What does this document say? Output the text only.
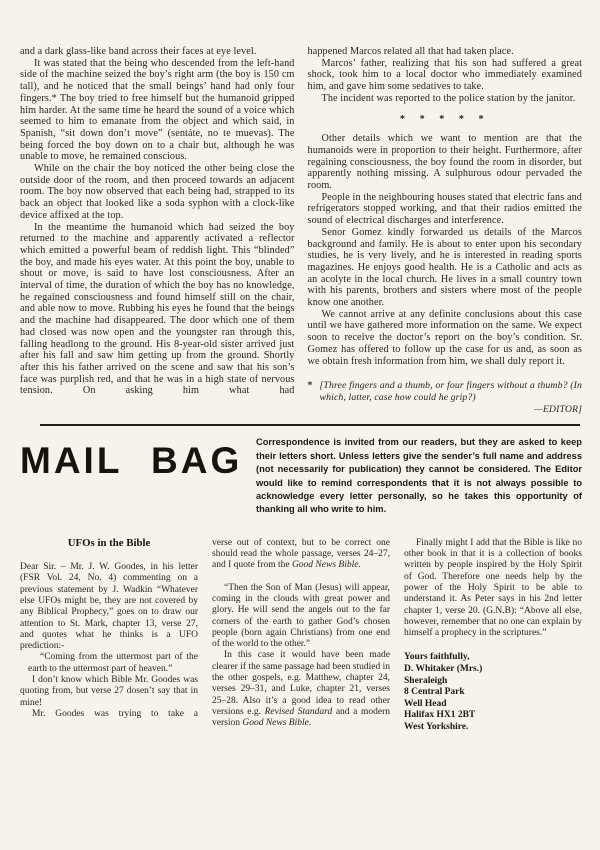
and a dark glass-like band across their faces at eye level.

It was stated that the being who descended from the left-hand side of the machine seized the boy’s right arm (the boy is 150 cm tall), and he noticed that the small beings’ hand had only four fingers.* The boy tried to free himself but the humanoid gripped him harder. At the same time he heard the sound of a voice which seemed to him to emanate from the object and which said, in Spanish, “sit down don’t move” (sentáte, no te muevas). The being forced the boy down on to a chair but, although he was unable to move, he remained conscious.

While on the chair the boy noticed the other being close the outside door of the room, and then proceed towards an adjacent room. The boy now observed that each being had, strapped to its back an object that looked like a soda syphon with a clock-like device affixed at the top.

In the meantime the humanoid which had seized the boy returned to the machine and apparently activated a reflector which emitted a powerful beam of reddish light. This “blinded” the boy, and made his eyes water. At this point the boy, unable to shout or move, is said to have lost consciousness. After an interval of time, the duration of which the boy has no knowledge, he regained consciousness and found himself still on the chair, and able now to move. Rubbing his eyes he found that the beings and the machine had disappeared. The door which one of them had closed was now open and the youngster ran through this, falling headlong to the ground. His 8-year-old sister arrived just after his fall and saw him getting up from the ground. Shortly after this his father arrived on the scene and saw that his son’s face was purplish red, and that he was in a high state of nervous tension. On asking him what had

happened Marcos related all that had taken place.

Marcos’ father, realizing that his son had suffered a great shock, took him to a local doctor who immediately examined him, and gave him some sedatives to take.

The incident was reported to the police station by the janitor.

* * * * *

Other details which we want to mention are that the humanoids were in proportion to their height. Furthermore, after regaining consciousness, the boy found the room in disorder, but apparently nothing missing. A sulphurous odour pervaded the room.

People in the neighbouring houses stated that electric fans and refrigerators stopped working, and that their radios emitted the sound of electrical discharges and interference.

Senor Gomez kindly forwarded us details of the Marcos background and family. He is about to enter upon his secondary studies, he is very lively, and he is interested in reading sports magazines. He enjoys good health. He is a Catholic and acts as an acolyte in the local church. He lives in a small country town with his parents, brothers and sisters where most of the people know one another.

We cannot arrive at any definite conclusions about this case until we have gathered more information on the same. We expect soon to receive the doctor’s report on the boy’s condition. Sr. Gomez has offered to follow up the case for us and, as soon as we obtain fresh information from him, we shall duly report it.

* [Three fingers and a thumb, or four fingers without a thumb? (In which, latter, case how could he grip?)
—EDITOR]
MAIL BAG	Correspondence is invited from our readers, but they are asked to keep their letters short. Unless letters give the sender’s full name and address (not necessarily for publication) they cannot be considered. The Editor would like to remind correspondents that it is not always possible to acknowledge every letter personally, so he takes this opportunity of thanking all who write to him.
UFOs in the Bible

Dear Sir. – Mr. J. W. Goodes, in his letter (FSR Vol. 24, No. 4) commenting on a previous statement by J. Wadkin “Whatever else UFOs might be, they are not covered by any Biblical Prophecy,” goes on to draw our attention to St. Mark, chapter 13, verse 27, and quotes what he thinks is a UFO prediction:-

“Coming from the uttermost part of the earth to the uttermost part of heaven.”

I don’t know which Bible Mr. Goodes was quoting from, but verse 27 dosen’t say that in mine!

Mr. Goodes was trying to take a

verse out of context, but to be correct one should read the whole passage, verses 24–27, and I quote from the Good News Bible.

“Then the Son of Man (Jesus) will appear, coming in the clouds with great power and glory. He will send the angels out to the far corners of the earth to gather God’s chosen people (born again Christians) from one end of the world to the other.”

In this case it would have been made clearer if the same passage had been studied in the other gospels, e.g. Matthew, chapter 24, verses 29–31, and Luke, chapter 21, verses 25–28. Also it’s a good idea to read other versions e.g. Revised Standard and a modern version Good News Bible.

Finally might I add that the Bible is like no other book in that it is a collection of books written by people inspired by the Holy Spirit of God. Therefore one needs help by the power of the Holy Spirit to be able to understand it. As Peter says in his 2nd letter chapter 1, verse 20. (G.N.B): “Above all else, however, remember that no one can explain by himself a prophecy in the scriptures.”

Yours faithfully,
D. Whitaker (Mrs.)
Sheraleigh
8 Central Park
Well Head
Halifax HX1 2BT
West Yorkshire.
